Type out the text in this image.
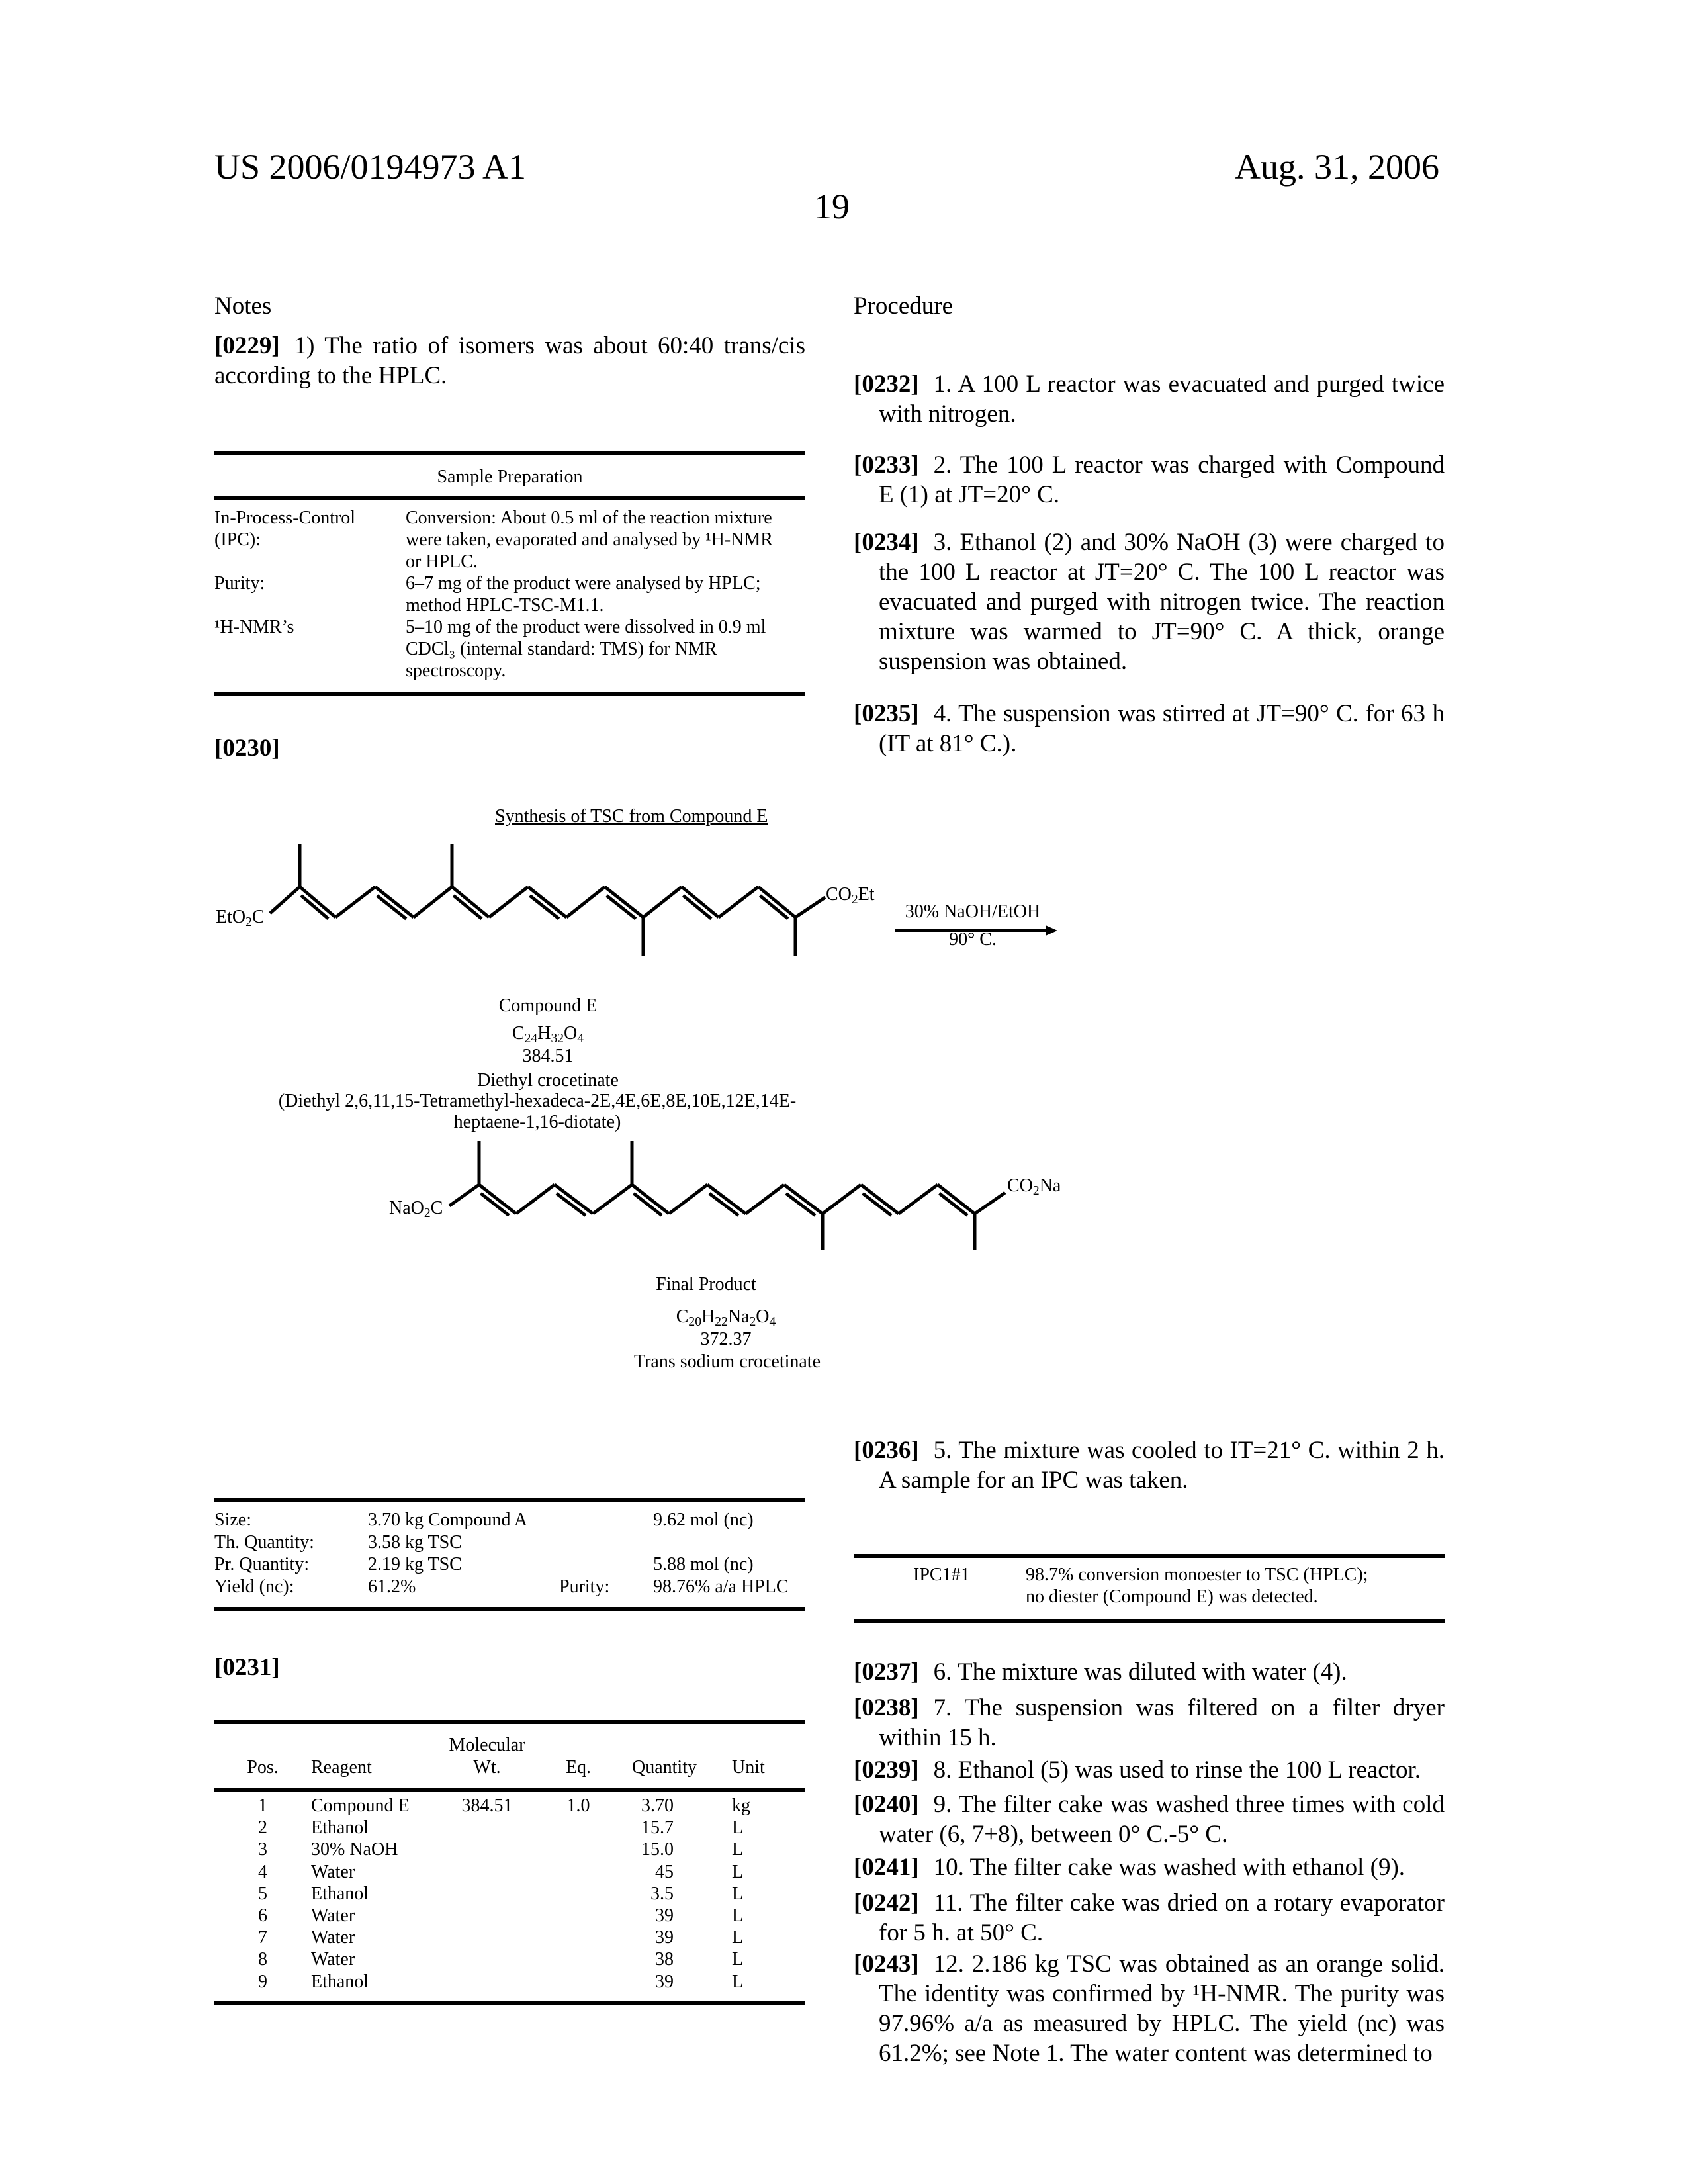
US 2006/0194973 A1	Aug. 31, 2006
19
Notes
[0229] 1) The ratio of isomers was about 60:40 trans/cis according to the HPLC.
Sample Preparation
In-Process-Control
(IPC):
Conversion: About 0.5 ml of the reaction mixture
were taken, evaporated and analysed by ¹H-NMR
or HPLC.
Purity:	6–7 mg of the product were analysed by HPLC;
method HPLC-TSC-M1.1.
¹H-NMR’s	5–10 mg of the product were dissolved in 0.9 ml
CDCl₃ (internal standard: TMS) for NMR
spectroscopy.
[0230]
Synthesis of TSC from Compound E
EtO2C
CO2Et
30% NaOH/EtOH
90° C.
Compound E
C24H32O4
384.51
Diethyl crocetinate
(Diethyl 2,6,11,15-Tetramethyl-hexadeca-2E,4E,6E,8E,10E,12E,14E-
heptaene-1,16-diotate)
NaO2C
CO2Na
Final Product
C20H22Na2O4
372.37
Trans sodium crocetinate
Size:	3.70 kg Compound A	9.62 mol (nc)
Th. Quantity:	3.58 kg TSC
Pr. Quantity:	2.19 kg TSC	5.88 mol (nc)
Yield (nc):	61.2%	Purity: 98.76% a/a HPLC
[0231]
Pos.	Reagent
Molecular
Wt.	Eq.	Quantity	Unit
1	Compound E	384.51	1.0	3.70	kg
2	Ethanol	15.7	L
3	30% NaOH	15.0	L
4	Water	45	L
5	Ethanol	3.5	L
6	Water	39	L
7	Water	39	L
8	Water	38	L
9	Ethanol	39	L
Procedure
[0232] 1. A 100 L reactor was evacuated and purged twice with nitrogen.
[0233] 2. The 100 L reactor was charged with Compound E (1) at JT=20° C.
[0234] 3. Ethanol (2) and 30% NaOH (3) were charged to the 100 L reactor at JT=20° C. The 100 L reactor was evacuated and purged with nitrogen twice. The reaction mixture was warmed to JT=90° C. A thick, orange suspension was obtained.
[0235] 4. The suspension was stirred at JT=90° C. for 63 h (IT at 81° C.).
[0236] 5. The mixture was cooled to IT=21° C. within 2 h. A sample for an IPC was taken.
[0237] 6. The mixture was diluted with water (4).
[0238] 7. The suspension was filtered on a filter dryer within 15 h.
[0239] 8. Ethanol (5) was used to rinse the 100 L reactor.
[0240] 9. The filter cake was washed three times with cold water (6, 7+8), between 0° C.-5° C.
[0241] 10. The filter cake was washed with ethanol (9).
[0242] 11. The filter cake was dried on a rotary evaporator for 5 h. at 50° C.
[0243] 12. 2.186 kg TSC was obtained as an orange solid. The identity was confirmed by ¹H-NMR. The purity was 97.96% a/a as measured by HPLC. The yield (nc) was 61.2%; see Note 1. The water content was determined to
IPC1#1	98.7% conversion monoester to TSC (HPLC);
no diester (Compound E) was detected.
